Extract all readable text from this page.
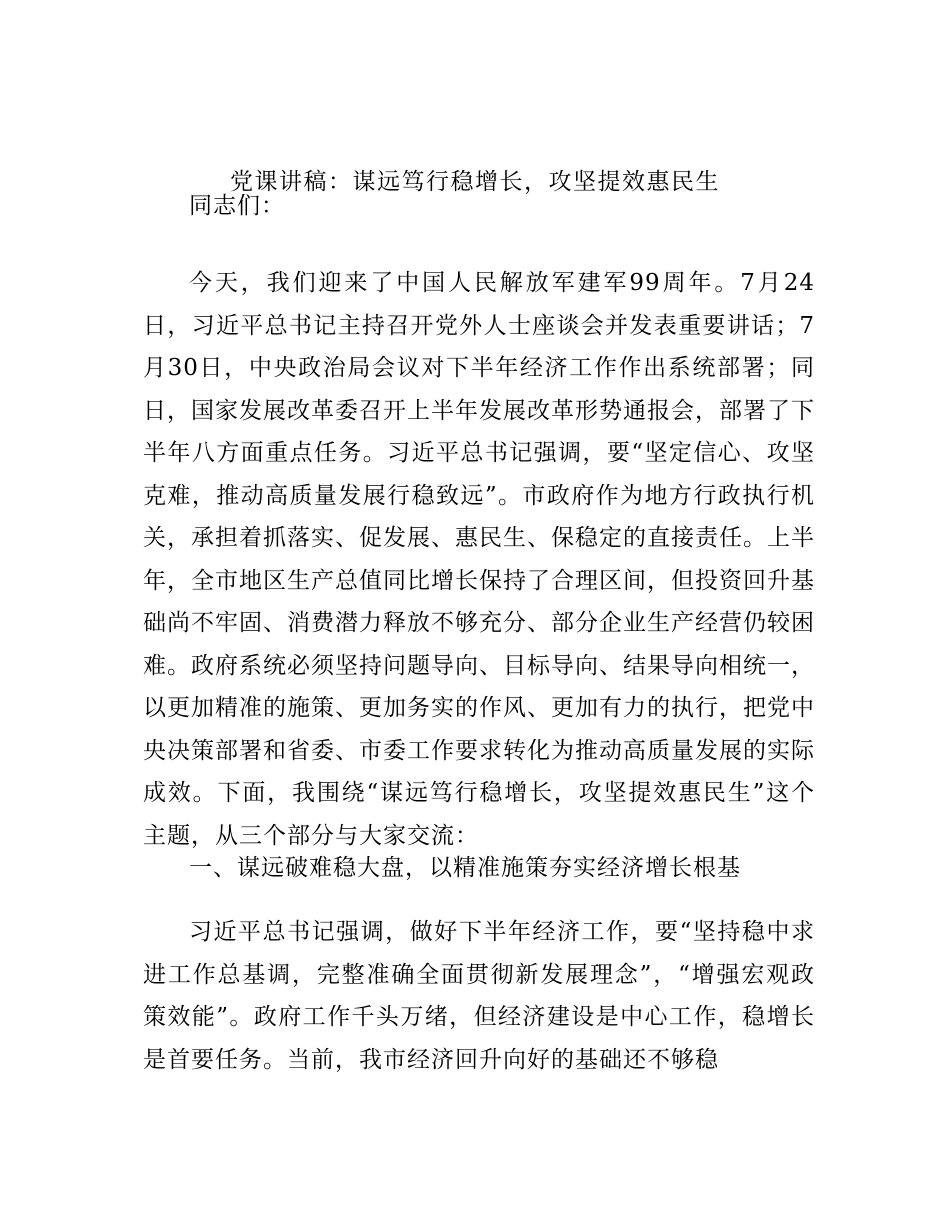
党课讲稿：谋远笃行稳增长，攻坚提效惠民生
同志们：
今天，我们迎来了中国人民解放军建军99周年。7月24日，习近平总书记主持召开党外人士座谈会并发表重要讲话；7月30日，中央政治局会议对下半年经济工作作出系统部署；同日，国家发展改革委召开上半年发展改革形势通报会，部署了下半年八方面重点任务。习近平总书记强调，要“坚定信心、攻坚克难，推动高质量发展行稳致远”。市政府作为地方行政执行机关，承担着抓落实、促发展、惠民生、保稳定的直接责任。上半年，全市地区生产总值同比增长保持了合理区间，但投资回升基础尚不牢固、消费潜力释放不够充分、部分企业生产经营仍较困难。政府系统必须坚持问题导向、目标导向、结果导向相统一，以更加精准的施策、更加务实的作风、更加有力的执行，把党中央决策部署和省委、市委工作要求转化为推动高质量发展的实际成效。下面，我围绕“谋远笃行稳增长，攻坚提效惠民生”这个主题，从三个部分与大家交流：
一、谋远破难稳大盘，以精准施策夯实经济增长根基
习近平总书记强调，做好下半年经济工作，要“坚持稳中求进工作总基调，完整准确全面贯彻新发展理念”，“增强宏观政策效能”。政府工作千头万绪，但经济建设是中心工作，稳增长是首要任务。当前，我市经济回升向好的基础还不够稳
